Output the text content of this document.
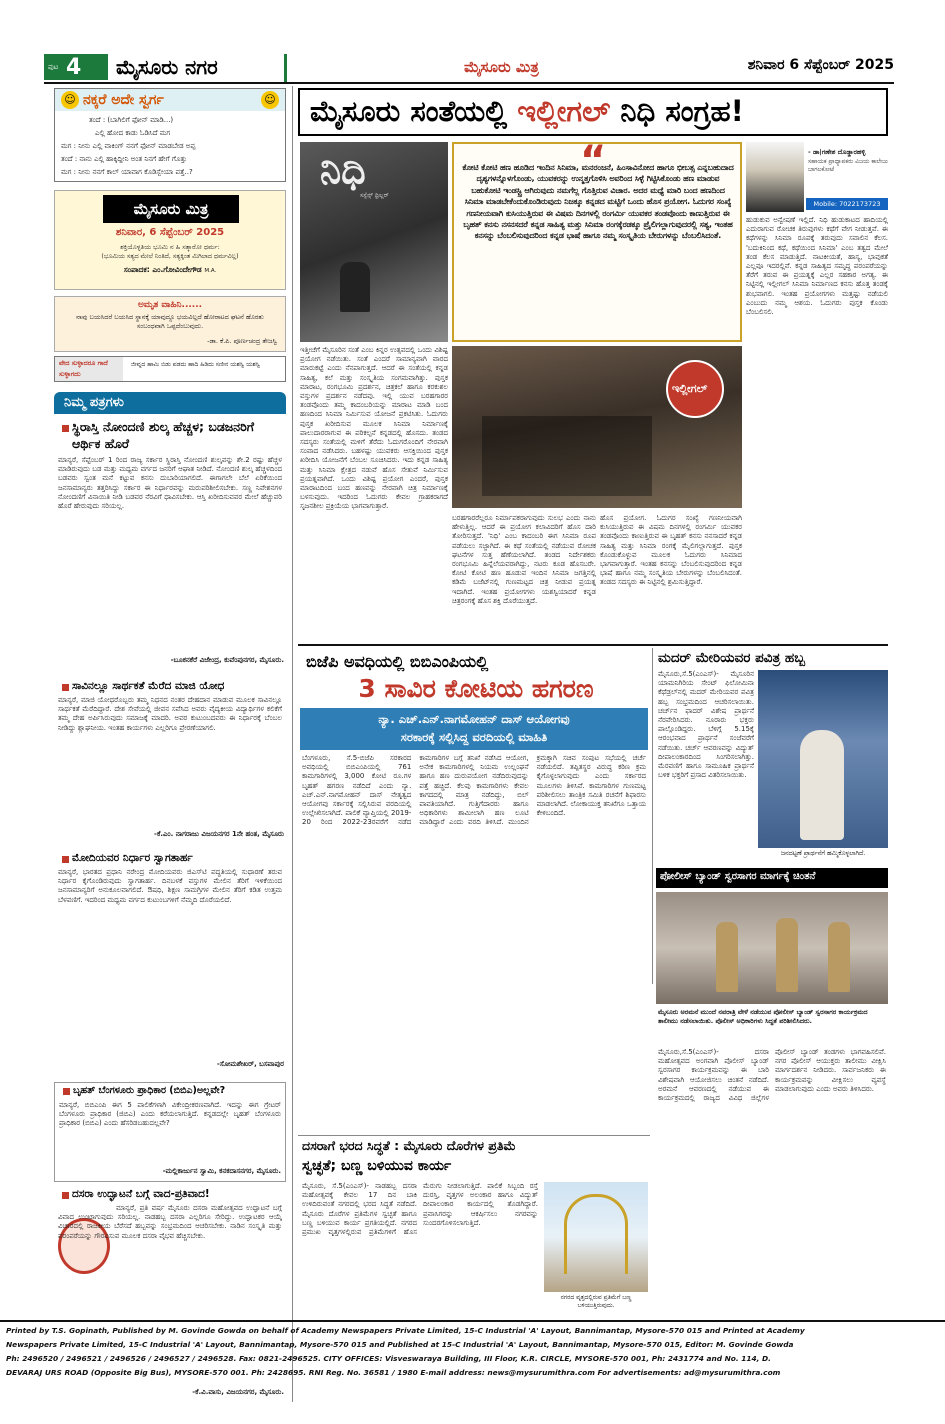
ಪುಟ 4 ಮೈಸೂರು ನಗರ	ಮೈಸೂರು ಮಿತ್ರ	ಶನಿವಾರ 6 ಸೆಪ್ಟೆಂಬರ್ 2025
☺ ನಕ್ಕರೆ ಅದೇ ಸ್ವರ್ಗ	☺
ತಂದೆ : (ಬಾಗಿಲಿಗೆ ಫೋನ್ ಮಾಡಿ...)
ಎಲ್ಲಿ ಹೋದ ಕಾಡು ಓಡಿಸಿದೆ ಮಗ
ಮಗ : ನೀನು ಎಲ್ಲಿ ವಾಕಿಂಗ್ ನನಗೆ ಫೋನ್ ಮಾಡಬೇಡ ಅಪ್ಪ
ತಂದೆ : ನಾನು ಎಲ್ಲಿ ಹಾಕ್ಕಿದ್ದೀನಿ ಅಂತ ನಿನಗೆ ಹೇಗೆ ಗೊತ್ತು
ಮಗ : ನೀನು ನನಗೆ ಕಾಲ್ ಯಾವಾಗ ಕೊಡಿಸ್ಬೇಯಾ ಪತ್ತೆ..?
ಮೈಸೂರು ಮಿತ್ರ
ಶನಿವಾರ, 6 ಸೆಪ್ಟೆಂಬರ್ 2025
ಶಕ್ತಿಯೊಳ್ಳತಿಯ ಭೂಮಿ ನ ಹಿ ಸತ್ಕಾರೋ ಧರ್ಮ:
(ಭೂಮಿಯ ಸತ್ಯದ ಮೇಲೆ ನಿಂತಿದೆ, ಸತ್ಯಕ್ಕಿಂತ ಮಿಗಿಲಾದ ಧರ್ಮವಿಲ್ಲ)
ಸಂಪಾದಕ: ಎಂ.ಗೋವಿಂದೇಗೌಡ M.A.
ಅಮೃತ ವಾಹಿನಿ......
ನಾವು ಬಯಸಿದರೆ ಬಯಸಿದ ಸ್ಥಾನಕ್ಕೆ ಯಾವುದ್ದೂ ಭಯವಿಲ್ಲದೆ ಹೋರಾಟದ ಘಟನೆ ಹೊರತು ಸಂಬಂಧವಾಗಿ ಒಪ್ಪದೆಂಬುವುದು.
-ಡಾ. ಕೆ.ಪಿ. ಪೂರ್ಣಚಂದ್ರ ತೇಜಸ್ವಿ
ವೇದ ಸುಳ್ಳಾದರೂ ಗಾದೆ ಸುಳ್ಳಾಗದು
ಜೀವ್ನದ ಹಾಮಿ ಬಿಡು ಪಡದು ಹಾದಿ ಹಿಡಿದು ಸಣೀನ ಯಶಸ್ವಿ ಯಶಸ್ವಿ
ನಿಮ್ಮ ಪತ್ರಗಳು
ಸ್ಥಿರಾಸ್ತಿ ನೋಂದಣಿ ಶುಲ್ಕ ಹೆಚ್ಚಳ; ಬಡಜನರಿಗೆ ಆರ್ಥಿಕ ಹೊರೆ
ಮಾನ್ಯರೆ, ಸೆಪ್ಟೆಂಬರ್ 1 ರಿಂದ ರಾಜ್ಯ ಸರ್ಕಾರ ಸ್ಥಿರಾಸ್ತಿ ನೋಂದಣಿ ಶುಲ್ಕವನ್ನು ಶೇ.2 ರಷ್ಟು ಹೆಚ್ಚಳ ಮಾಡಿರುವುದು ಬಡ ಮತ್ತು ಮಧ್ಯಮ ವರ್ಗದ ಜನರಿಗೆ ಆಘಾತ ನೀಡಿದೆ. ನೋಂದಣಿ ಶುಲ್ಕ ಹೆಚ್ಚಳದಿಂದ ಬಡವರು ಸ್ವಂತ ಮನೆ ಕಟ್ಟುವ ಕನಸು ದುಬಾರಿಯಾಗಲಿದೆ. ಈಗಾಗಲೇ ಬೆಲೆ ಏರಿಕೆಯಿಂದ ಜನಸಾಮಾನ್ಯರು ತತ್ತರಿಸಿದ್ದು ಸರ್ಕಾರ ಈ ನಿರ್ಧಾರವನ್ನು ಮರುಪರಿಶೀಲಿಸಬೇಕು. ಸಣ್ಣ ನಿವೇಶನಗಳ ನೋಂದಣಿಗೆ ವಿನಾಯಿತಿ ನೀಡಿ ಬಡವರ ನೆರವಿಗೆ ಧಾವಿಸಬೇಕು. ಆಸ್ತಿ ಖರೀದಿಸುವವರ ಮೇಲೆ ಹೆಚ್ಚುವರಿ ಹೊರೆ ಹೇರುವುದು ಸರಿಯಲ್ಲ.
-ಬೂಕನಕೆರೆ ವಿಜೇಂದ್ರ, ಕುವೆಂಪುನಗರ, ಮೈಸೂರು.
ಸಾವಿನಲ್ಲೂ ಸಾರ್ಥಕತೆ ಮೆರೆದ ಮಾಜಿ ಯೋಧ
ಮಾನ್ಯರೆ, ಮಾಜಿ ಯೋಧರೊಬ್ಬರು ತಮ್ಮ ನಿಧನದ ನಂತರ ದೇಹದಾನ ಮಾಡುವ ಮೂಲಕ ಸಾವಿನಲ್ಲೂ ಸಾರ್ಥಕತೆ ಮೆರೆದಿದ್ದಾರೆ. ದೇಶ ಸೇವೆಯಲ್ಲಿ ಜೀವನ ಸವೆಸಿದ ಅವರು ವೈದ್ಯಕೀಯ ವಿದ್ಯಾರ್ಥಿಗಳ ಕಲಿಕೆಗೆ ತಮ್ಮ ದೇಹ ಅರ್ಪಿಸಿರುವುದು ಸಮಾಜಕ್ಕೆ ಮಾದರಿ. ಅವರ ಕುಟುಂಬದವರು ಈ ನಿರ್ಧಾರಕ್ಕೆ ಬೆಂಬಲ ನೀಡಿದ್ದು ಶ್ಲಾಘನೀಯ. ಇಂತಹ ಕಾರ್ಯಗಳು ಎಲ್ಲರಿಗೂ ಪ್ರೇರಣೆಯಾಗಲಿ.
-ಕೆ.ಎಂ. ನಾಗರಾಜು ವಿಜಯನಗರ 1ನೇ ಹಂತ, ಮೈಸೂರು
ಮೋದಿಯವರ ನಿರ್ಧಾರ ಸ್ವಾಗತಾರ್ಹ
ಮಾನ್ಯರೆ, ಭಾರತದ ಪ್ರಧಾನಿ ನರೇಂದ್ರ ಮೋದಿಯವರು ಜಿಎಸ್‌ಟಿ ಪದ್ಧತಿಯಲ್ಲಿ ಸುಧಾರಣೆ ತರುವ ನಿರ್ಧಾರ ಕೈಗೊಂಡಿರುವುದು ಸ್ವಾಗತಾರ್ಹ. ದಿನಬಳಕೆ ವಸ್ತುಗಳ ಮೇಲಿನ ತೆರಿಗೆ ಇಳಿಕೆಯಿಂದ ಜನಸಾಮಾನ್ಯರಿಗೆ ಅನುಕೂಲವಾಗಲಿದೆ. ಔಷಧಿ, ಶಿಕ್ಷಣ ಸಾಮಗ್ರಿಗಳ ಮೇಲಿನ ತೆರಿಗೆ ಕಡಿತ ಉತ್ತಮ ಬೆಳವಣಿಗೆ. ಇದರಿಂದ ಮಧ್ಯಮ ವರ್ಗದ ಕುಟುಂಬಗಳಿಗೆ ನೆಮ್ಮದಿ ದೊರೆಯಲಿದೆ.
-ಸೋಮಶೇಖರ್, ಬಸವಾಪುರ
ಬೃಹತ್ ಬೆಂಗಳೂರು ಪ್ರಾಧಿಕಾರ (ಬಿಬಿಎ)ಅಲ್ಲವೇ?
ಮಾನ್ಯರೆ, ಬಿಬಿಎಂಪಿ ಈಗ 5 ಪಾಲಿಕೆಗಳಾಗಿ ವಿಕೇಂದ್ರೀಕರಣವಾಗಿದೆ. ಇದನ್ನು ಈಗ ಗ್ರೇಟರ್ ಬೆಂಗಳೂರು ಪ್ರಾಧಿಕಾರ (ಜಿಬಿಎ) ಎಂದು ಕರೆಯಲಾಗುತ್ತಿದೆ. ಕನ್ನಡದಲ್ಲೇ ಬೃಹತ್ ಬೆಂಗಳೂರು ಪ್ರಾಧಿಕಾರ (ಬಿಬಿಎ) ಎಂದು ಹೆಸರಿಡಬಹುದಲ್ಲವೇ?
-ಮಲ್ಲಿಕಾರ್ಜುನ ಸ್ವಾಮಿ, ಕನಕದಾಸನಗರ, ಮೈಸೂರು.
ದಸರಾ ಉದ್ಘಾಟನೆ ಬಗ್ಗೆ ವಾದ-ಪ್ರತಿವಾದ!
ಮಾನ್ಯರೆ, ಪ್ರತಿ ವರ್ಷ ಮೈಸೂರು ದಸರಾ ಮಹೋತ್ಸವದ ಉದ್ಘಾಟನೆ ಬಗ್ಗೆ ವಿವಾದ ಉಂಟಾಗುವುದು ಸರಿಯಲ್ಲ. ನಾಡಹಬ್ಬ ದಸರಾ ಎಲ್ಲರಿಗೂ ಸೇರಿದ್ದು. ಉದ್ಘಾಟಕರ ಆಯ್ಕೆ ವಿಚಾರದಲ್ಲಿ ರಾಜಕೀಯ ಬೆರೆಸದೆ ಹಬ್ಬವನ್ನು ಸಂಭ್ರಮದಿಂದ ಆಚರಿಸಬೇಕು. ನಾಡಿನ ಸಂಸ್ಕೃತಿ ಮತ್ತು ಪರಂಪರೆಯನ್ನು ಗೌರವಿಸುವ ಮೂಲಕ ದಸರಾ ವೈಭವ ಹೆಚ್ಚಿಸಬೇಕು.
-ಕೆ.ವಿ.ವಾಸು, ವಿಜಯನಗರ, ಮೈಸೂರು.
ಮೈಸೂರು ಸಂತೆಯಲ್ಲಿ ಇಲ್ಲೀಗಲ್ ನಿಧಿ ಸಂಗ್ರಹ!
ನಿಧಿ
ಸಸ್ಪೆನ್ಸ್ ಥ್ರಿಲ್ಲರ್
“
ಕೋಟಿ ಕೋಟಿ ಹಣ ಹೂಡಿದ ಇಂದಿನ ಸಿನಿಮಾ, ಮನರಂಜನೆ, ಹಿಂಸಾವಿನೋದ ಹಾಗೂ ಭೀಬತ್ಸ ಎನ್ನಬಹುದಾದ ದೃಶ್ಯಗಳನ್ನೊಳಗೊಂಡು, ಯುವಕರನ್ನು ಉನ್ಮತ್ತಗೊಳಿಸಿ ಅವರಿಂದ ಸಿಳ್ಳೆ ಗಿಟ್ಟಿಸಿಕೊಂಡು ಹಣ ಮಾಡುವ ಬಹುಕೋಟಿ ಇಂಡಸ್ಟ್ರಿ ಆಗಿರುವುದು ನಮಗೆಲ್ಲ ಗೊತ್ತಿರುವ ವಿಚಾರ. ಅದರ ಮಧ್ಯೆ ಮಾರಿ ಬಂದ ಹಣದಿಂದ ಸಿನಿಮಾ ಮಾಡಬೇಕೆಂದುಕೊಂಡಿರುವುದು ನಿಜಕ್ಕೂ ಕನ್ನಡದ ಮಟ್ಟಿಗೆ ಒಂದು ಹೊಸ ಪ್ರಯೋಗ. ಓದುಗರ ಸಂಖ್ಯೆ ಗಣನೀಯವಾಗಿ ಕುಸಿಯುತ್ತಿರುವ ಈ ವಿಷಮ ದಿನಗಳಲ್ಲಿ ರಂಗರ್ಮಿ ಯುವಕರ ತಂಡವೊಂದು ಕಾಣುತ್ತಿರುವ ಈ ಬೃಹತ್ ಕನಸು ನಸನಸದರೆ ಕನ್ನಡ ಸಾಹಿತ್ಯ ಮತ್ತು ಸಿನಿಮಾ ರಂಗಕ್ಕೆರಡಕ್ಕೂ ಪ್ರೈಲಿಗಲ್ಲಾಗುವುದರಲ್ಲಿ ಸತ್ಯ, ಇಂತಹ ಕನಸನ್ನು ಬೆಂಬಲಿಸುವುದರಿಂದ ಕನ್ನಡ ಭಾಷೆ ಹಾಗೂ ನಮ್ಮ ಸಂಸ್ಕೃತಿಯ ಬೇರುಗಳನ್ನು ಬೆಂಬಲಿಸಿದಂತೆ.
- ಡಾ|ಗಣೇಶ ದೊಡ್ಡಾರಹಳ್ಳಿ
ಸಹಾಯಕ ಪ್ರಾಧ್ಯಾಪಕರು ವಿಜಯ ಕಾಲೇಜು ಬಾಗಲಕೋಟೆ
Mobile: 7022173723
ಹುಡುಕುವ ಅನ್ವೇಷಣೆ ಇಲ್ಲಿದೆ. ನಿಧಿ ಹುಡುಕಾಟದ ಹಾದಿಯಲ್ಲಿ ಎದುರಾಗುವ ರೋಚಕ ತಿರುವುಗಳು ಕಥೆಗೆ ವೇಗ ನೀಡುತ್ತವೆ. ಈ ಕಥೆಗಳನ್ನು ಸಿನಿಮಾ ರೂಪಕ್ಕೆ ತರುವುದು ಸವಾಲಿನ ಕೆಲಸ. 'ಬದುಕಿನಿಂದ ಕಥೆ, ಕಥೆಯಿಂದ ಸಿನಿಮಾ' ಎಂಬ ತತ್ವದ ಮೇಲೆ ತಂಡ ಕೆಲಸ ಮಾಡುತ್ತಿದೆ. ನಾಟಕೀಯತೆ, ಹಾಸ್ಯ, ಭಾವುಕತೆ ಎಲ್ಲವೂ ಇದರಲ್ಲಿವೆ. ಕನ್ನಡ ಸಾಹಿತ್ಯದ ಸಮೃದ್ಧ ಪರಂಪರೆಯನ್ನು ತೆರೆಗೆ ತರುವ ಈ ಪ್ರಯತ್ನಕ್ಕೆ ಎಲ್ಲರ ಸಹಕಾರ ಅಗತ್ಯ. ಈ ನಿಟ್ಟಿನಲ್ಲಿ ಇಲ್ಲೀಗಲ್ ಸಿನಿಮಾ ನಿರ್ಮಾಣದ ಕನಸು ಹೊತ್ತ ತಂಡಕ್ಕೆ ಶುಭವಾಗಲಿ. ಇಂತಹ ಪ್ರಯೋಗಗಳು ಮತ್ತಷ್ಟು ನಡೆಯಲಿ ಎಂಬುದು ನಮ್ಮ ಆಶಯ. ಓದುಗರು ಪುಸ್ತಕ ಕೊಂಡು ಬೆಂಬಲಿಸಲಿ.
ಇತ್ತೀಚೆಗೆ ಮೈಸೂರಿನ ಸಂತೆ ಎಂಬ ಕಿನ್ನರ ಉತ್ಸವದಲ್ಲಿ ಒಂದು ವಿಶಿಷ್ಟ ಪ್ರಯೋಗ ನಡೆಯಿತು. ಸಂತೆ ಎಂದರೆ ಸಾಮಾನ್ಯವಾಗಿ ವಾರದ ಮಾರುಕಟ್ಟೆ ಎಂದು ನೆನಪಾಗುತ್ತದೆ. ಆದರೆ ಈ ಸಂತೆಯಲ್ಲಿ ಕನ್ನಡ ಸಾಹಿತ್ಯ, ಕಲೆ ಮತ್ತು ಸಂಸ್ಕೃತಿಯ ಸಂಗಮವಾಗಿತ್ತು. ಪುಸ್ತಕ ಮಾರಾಟ, ರಂಗಭೂಮಿ ಪ್ರದರ್ಶನ, ಚಿತ್ರಕಲೆ ಹಾಗೂ ಕರಕುಶಲ ವಸ್ತುಗಳ ಪ್ರದರ್ಶನ ನಡೆದವು. ಇಲ್ಲಿ ಯುವ ಬರಹಗಾರರ ತಂಡವೊಂದು ತಮ್ಮ ಕಾದಂಬರಿಯನ್ನು ಮಾರಾಟ ಮಾಡಿ ಬಂದ ಹಣದಿಂದ ಸಿನಿಮಾ ನಿರ್ಮಿಸುವ ಯೋಜನೆ ಪ್ರಕಟಿಸಿತು. ಓದುಗರು ಪುಸ್ತಕ ಖರೀದಿಸುವ ಮೂಲಕ ಸಿನಿಮಾ ನಿರ್ಮಾಣಕ್ಕೆ ಪಾಲುದಾರರಾಗುವ ಈ ಪರಿಕಲ್ಪನೆ ಕನ್ನಡದಲ್ಲಿ ಹೊಸದು. ತಂಡದ ಸದಸ್ಯರು ಸಂತೆಯಲ್ಲಿ ಮಳಿಗೆ ತೆರೆದು ಓದುಗರೊಂದಿಗೆ ನೇರವಾಗಿ ಸಂವಾದ ನಡೆಸಿದರು. ಬಹಳಷ್ಟು ಯುವಕರು ಆಸಕ್ತಿಯಿಂದ ಪುಸ್ತಕ ಖರೀದಿಸಿ ಯೋಜನೆಗೆ ಬೆಂಬಲ ಸೂಚಿಸಿದರು. ಇದು ಕನ್ನಡ ಸಾಹಿತ್ಯ ಮತ್ತು ಸಿನಿಮಾ ಕ್ಷೇತ್ರದ ನಡುವೆ ಹೊಸ ಸೇತುವೆ ನಿರ್ಮಿಸುವ ಪ್ರಯತ್ನವಾಗಿದೆ. ಒಂದು ವಿಶಿಷ್ಟ ಪ್ರಯೋಗ ಎಂದರೆ, ಪುಸ್ತಕ ಮಾರಾಟದಿಂದ ಬಂದ ಹಣವನ್ನು ನೇರವಾಗಿ ಚಿತ್ರ ನಿರ್ಮಾಣಕ್ಕೆ ಬಳಸುವುದು. ಇದರಿಂದ ಓದುಗರು ಕೇವಲ ಗ್ರಾಹಕರಾಗದೆ ಸೃಜನಶೀಲ ಪ್ರಕ್ರಿಯೆಯ ಭಾಗವಾಗುತ್ತಾರೆ.
ಇಲ್ಲೀಗಲ್
ಬರಹಗಾರರೆಲ್ಲರೂ ನಿರ್ಮಾಪಕರಾಗುವುದು ಸುಲಭ ಎಂದು ನಾನು ಹೇಳುತ್ತಿಲ್ಲ. ಆದರೆ ಈ ಪ್ರಯೋಗ ಕಲಾವಿದರಿಗೆ ಹೊಸ ದಾರಿ ತೋರಿಸುತ್ತದೆ. 'ನಿಧಿ' ಎಂಬ ಕಾದಂಬರಿ ಈಗ ಸಿನಿಮಾ ರೂಪ ಪಡೆಯಲು ಸಜ್ಜಾಗಿದೆ. ಈ ಕಥೆ ಸಂತೆಯಲ್ಲಿ ನಡೆಯುವ ರೋಚಕ ಘಟನೆಗಳ ಸುತ್ತ ಹೆಣೆಯಲಾಗಿದೆ. ತಂಡದ ನಿರ್ದೇಶಕರು ರಂಗಭೂಮಿ ಹಿನ್ನೆಲೆಯವರಾಗಿದ್ದು, ನಟರು ಕೂಡ ಹೊಸಬರೇ. ಕೋಟಿ ಕೋಟಿ ಹಣ ಹೂಡುವ ಇಂದಿನ ಸಿನಿಮಾ ಜಗತ್ತಿನಲ್ಲಿ ಕಡಿಮೆ ಬಜೆಟ್‌ನಲ್ಲಿ ಗುಣಮಟ್ಟದ ಚಿತ್ರ ನೀಡುವ ಪ್ರಯತ್ನ ಇದಾಗಿದೆ. ಇಂತಹ ಪ್ರಯೋಗಗಳು ಯಶಸ್ವಿಯಾದರೆ ಕನ್ನಡ ಚಿತ್ರರಂಗಕ್ಕೆ ಹೊಸ ಶಕ್ತಿ ದೊರೆಯುತ್ತದೆ.
ಹೊಸ ಪ್ರಯೋಗ. ಓದುಗರ ಸಂಖ್ಯೆ ಗಣನೀಯವಾಗಿ ಕುಸಿಯುತ್ತಿರುವ ಈ ವಿಷಮ ದಿನಗಳಲ್ಲಿ ರಂಗರ್ಮಿ ಯುವಕರ ತಂಡವೊಂದು ಕಾಣುತ್ತಿರುವ ಈ ಬೃಹತ್ ಕನಸು ನನಸಾದರೆ ಕನ್ನಡ ಸಾಹಿತ್ಯ ಮತ್ತು ಸಿನಿಮಾ ರಂಗಕ್ಕೆ ಮೈಲಿಗಲ್ಲಾಗುತ್ತದೆ. ಪುಸ್ತಕ ಕೊಂಡುಕೊಳ್ಳುವ ಮೂಲಕ ಓದುಗರು ಸಿನಿಮಾದ ಭಾಗವಾಗುತ್ತಾರೆ. ಇಂತಹ ಕನಸನ್ನು ಬೆಂಬಲಿಸುವುದರಿಂದ ಕನ್ನಡ ಭಾಷೆ ಹಾಗೂ ನಮ್ಮ ಸಂಸ್ಕೃತಿಯ ಬೇರುಗಳನ್ನು ಬೆಂಬಲಿಸಿದಂತೆ. ತಂಡದ ಸದಸ್ಯರು ಈ ನಿಟ್ಟಿನಲ್ಲಿ ಶ್ರಮಿಸುತ್ತಿದ್ದಾರೆ.
ಬಿಜೆಪಿ ಅವಧಿಯಲ್ಲಿ ಬಿಬಿಎಂಪಿಯಲ್ಲಿ
3 ಸಾವಿರ ಕೋಟಿಯ ಹಗರಣ
ನ್ಯಾ. ಎಚ್.ಎನ್.ನಾಗಮೋಹನ್ ದಾಸ್ ಆಯೋಗವು
ಸರಕಾರಕ್ಕೆ ಸಲ್ಲಿಸಿದ್ದ ವರದಿಯಲ್ಲಿ ಮಾಹಿತಿ
ಬೆಂಗಳೂರು, ಸೆ.5-ಬಿಜೆಪಿ ಸರಕಾರದ ಅವಧಿಯಲ್ಲಿ ಬಿಬಿಎಂಪಿಯಲ್ಲಿ 761 ಕಾಮಗಾರಿಗಳಲ್ಲಿ 3,000 ಕೋಟಿ ರೂ.ಗಳ ಬೃಹತ್ ಹಗರಣ ನಡೆದಿದೆ ಎಂದು ನ್ಯಾ. ಎಚ್.ಎನ್.ನಾಗಮೋಹನ್ ದಾಸ್ ನೇತೃತ್ವದ ಆಯೋಗವು ಸರ್ಕಾರಕ್ಕೆ ಸಲ್ಲಿಸಿರುವ ವರದಿಯಲ್ಲಿ ಉಲ್ಲೇಖಿಸಲಾಗಿದೆ. ಪಾಲಿಕೆ ವ್ಯಾಪ್ತಿಯಲ್ಲಿ 2019-20 ರಿಂದ 2022-23ರವರೆಗೆ ನಡೆದ ಕಾಮಗಾರಿಗಳ ಬಗ್ಗೆ ತನಿಖೆ ನಡೆಸಿದ ಆಯೋಗ, ಅನೇಕ ಕಾಮಗಾರಿಗಳಲ್ಲಿ ನಿಯಮ ಉಲ್ಲಂಘನೆ ಹಾಗೂ ಹಣ ದುರುಪಯೋಗ ನಡೆದಿರುವುದನ್ನು ಪತ್ತೆ ಹಚ್ಚಿದೆ. ಕೆಲವು ಕಾಮಗಾರಿಗಳು ಕೇವಲ ಕಾಗದದಲ್ಲಿ ಮಾತ್ರ ನಡೆದಿದ್ದು, ಬಿಲ್ ಪಾವತಿಯಾಗಿದೆ. ಗುತ್ತಿಗೆದಾರರು ಹಾಗೂ ಅಧಿಕಾರಿಗಳು ಶಾಮೀಲಾಗಿ ಹಣ ಲೂಟಿ ಮಾಡಿದ್ದಾರೆ ಎಂದು ವರದಿ ತಿಳಿಸಿದೆ. ಮುಂದಿನ ಕ್ರಮಕ್ಕಾಗಿ ಸಚಿವ ಸಂಪುಟ ಸಭೆಯಲ್ಲಿ ಚರ್ಚೆ ನಡೆಯಲಿದೆ. ತಪ್ಪಿತಸ್ಥರ ವಿರುದ್ಧ ಕಠಿಣ ಕ್ರಮ ಕೈಗೊಳ್ಳಲಾಗುವುದು ಎಂದು ಸರ್ಕಾರದ ಮೂಲಗಳು ತಿಳಿಸಿವೆ. ಕಾಮಗಾರಿಗಳ ಗುಣಮಟ್ಟ ಪರಿಶೀಲಿಸಲು ತಾಂತ್ರಿಕ ಸಮಿತಿ ರಚನೆಗೆ ಶಿಫಾರಸು ಮಾಡಲಾಗಿದೆ. ಲೋಕಾಯುಕ್ತ ತನಿಖೆಗೂ ಒತ್ತಾಯ ಕೇಳಿಬಂದಿದೆ.
ಮದರ್ ಮೇರಿಯವರ ಪವಿತ್ರ ಹಬ್ಬ
ಮೈಸೂರು,ಸೆ.5(ಎಂಎಸ್‌)- ಮೈಸೂರಿನ ಯಾಮನಿಗಿರಿಯ ಸೇಂಟ್ ಫಿಲೋಮಿನಾ ಕೆಥೆಡ್ರಲ್‌ನಲ್ಲಿ ಮದರ್ ಮೇರಿಯವರ ಪವಿತ್ರ ಹಬ್ಬ ಸಂಭ್ರಮದಿಂದ ಆಚರಿಸಲಾಯಿತು. ಚರ್ಚ್‌ನ ಫಾದರ್ ವಿಶೇಷ ಪ್ರಾರ್ಥನೆ ನೆರವೇರಿಸಿದರು. ನೂರಾರು ಭಕ್ತರು ಪಾಲ್ಗೊಂಡಿದ್ದರು. ಬೆಳಿಗ್ಗೆ 5.15ಕ್ಕೆ ಆರಂಭವಾದ ಪ್ರಾರ್ಥನೆ ಸಂಜೆವರೆಗೆ ನಡೆಯಿತು. ಚರ್ಚ್ ಆವರಣವನ್ನು ವಿದ್ಯುತ್ ದೀಪಾಲಂಕಾರದಿಂದ ಸಿಂಗರಿಸಲಾಗಿತ್ತು. ಮೆರವಣಿಗೆ ಹಾಗೂ ಸಾಮೂಹಿಕ ಪ್ರಾರ್ಥನೆ ಬಳಿಕ ಭಕ್ತರಿಗೆ ಪ್ರಸಾದ ವಿತರಿಸಲಾಯಿತು.
ಜನದಟ್ಟಣೆ ಪ್ರಾರ್ಥನೆಗೆ ಹಮ್ಮಿಕೊಳ್ಳಲಾಗಿದೆ.
ಪೋಲೀಸ್ ಬ್ಯಾಂಡ್ ಸ್ವರಸಾಗರ ಮಾರ್ಗಕ್ಕೆ ಚಿಂತನೆ
ಮೈಸೂರು ಅರಮನೆ ಮುಂದೆ ನವರಾತ್ರಿ ವೇಳೆ ನಡೆಯುವ ಪೋಲೀಸ್ ಬ್ಯಾಂಡ್ ಸ್ವರಸಾಗರ ಕಾರ್ಯಕ್ರಮದ ತಾಲೀಮು ನಡೆಸಲಾಯಿತು. ಪೊಲೀಸ್ ಅಧಿಕಾರಿಗಳು ಸಿದ್ಧತೆ ಪರಿಶೀಲಿಸಿದರು.
ಮೈಸೂರು,ಸೆ.5(ಎಂಎಸ್‌)- ದಸರಾ ಮಹೋತ್ಸವದ ಅಂಗವಾಗಿ ಪೊಲೀಸ್ ಬ್ಯಾಂಡ್ ಸ್ವರಸಾಗರ ಕಾರ್ಯಕ್ರಮವನ್ನು ಈ ಬಾರಿ ವಿಶೇಷವಾಗಿ ಆಯೋಜಿಸಲು ಚಿಂತನೆ ನಡೆದಿದೆ. ಅರಮನೆ ಆವರಣದಲ್ಲಿ ನಡೆಯುವ ಈ ಕಾರ್ಯಕ್ರಮದಲ್ಲಿ ರಾಜ್ಯದ ವಿವಿಧ ಜಿಲ್ಲೆಗಳ ಪೊಲೀಸ್ ಬ್ಯಾಂಡ್ ತಂಡಗಳು ಭಾಗವಹಿಸಲಿವೆ. ನಗರ ಪೊಲೀಸ್ ಆಯುಕ್ತರು ತಾಲೀಮು ವೀಕ್ಷಿಸಿ ಮಾರ್ಗದರ್ಶನ ನೀಡಿದರು. ಸಾರ್ವಜನಿಕರು ಈ ಕಾರ್ಯಕ್ರಮವನ್ನು ವೀಕ್ಷಿಸಲು ವ್ಯವಸ್ಥೆ ಮಾಡಲಾಗುವುದು ಎಂದು ಅವರು ತಿಳಿಸಿದರು.
ದಸರಾಗೆ ಭರದ ಸಿದ್ಧತೆ : ಮೈಸೂರು ದೊರೆಗಳ ಪ್ರತಿಮೆ
ಸ್ವಚ್ಛತೆ; ಬಣ್ಣ ಬಳಿಯುವ ಕಾರ್ಯ
ಮೈಸೂರು, ಸೆ.5(ಎಂಎಸ್‌)- ನಾಡಹಬ್ಬ ದಸರಾ ಮಹೋತ್ಸವಕ್ಕೆ ಕೇವಲ 17 ದಿನ ಬಾಕಿ ಉಳಿದಿರುವಂತೆ ನಗರದಲ್ಲಿ ಭರದ ಸಿದ್ಧತೆ ನಡೆದಿದೆ. ಮೈಸೂರು ದೊರೆಗಳ ಪ್ರತಿಮೆಗಳ ಸ್ವಚ್ಛತೆ ಹಾಗೂ ಬಣ್ಣ ಬಳಿಯುವ ಕಾರ್ಯ ಪ್ರಗತಿಯಲ್ಲಿದೆ. ನಗರದ ಪ್ರಮುಖ ವೃತ್ತಗಳಲ್ಲಿರುವ ಪ್ರತಿಮೆಗಳಿಗೆ ಹೊಸ ಮೆರುಗು ನೀಡಲಾಗುತ್ತಿದೆ. ಪಾಲಿಕೆ ಸಿಬ್ಬಂದಿ ರಸ್ತೆ ದುರಸ್ತಿ, ವೃತ್ತಗಳ ಅಲಂಕಾರ ಹಾಗೂ ವಿದ್ಯುತ್ ದೀಪಾಲಂಕಾರ ಕಾರ್ಯದಲ್ಲಿ ತೊಡಗಿದ್ದಾರೆ. ಪ್ರವಾಸಿಗರನ್ನು ಆಕರ್ಷಿಸಲು ನಗರವನ್ನು ಸುಂದರಗೊಳಿಸಲಾಗುತ್ತಿದೆ.
ನಗರದ ವೃತ್ತದಲ್ಲಿರುವ ಪ್ರತಿಮೆಗೆ ಬಣ್ಣ ಬಳಿಯುತ್ತಿರುವುದು.
Printed by T.S. Gopinath, Published by M. Govinde Gowda on behalf of Academy Newspapers Private Limited, 15-C Industrial 'A' Layout, Bannimantap, Mysore-570 015 and Printed at Academy
Newspapers Private Limited, 15-C Industrial 'A' Layout, Bannimantap, Mysore-570 015 and Published at 15-C Industrial 'A' Layout, Bannimantap, Mysore-570 015, Editor: M. Govinde Gowda
Ph: 2496520 / 2496521 / 2496526 / 2496527 / 2496528. Fax: 0821-2496525. CITY OFFICES: Visveswaraya Building, III Floor, K.R. CIRCLE, MYSORE-570 001, Ph: 2431774 and No. 114, D.
DEVARAJ URS ROAD (Opposite Big Bus), MYSORE-570 001. Ph: 2428695. RNI Reg. No. 36581 / 1980 E-mail address: news@mysurumithra.com For advertisements: ad@mysurumithra.com
